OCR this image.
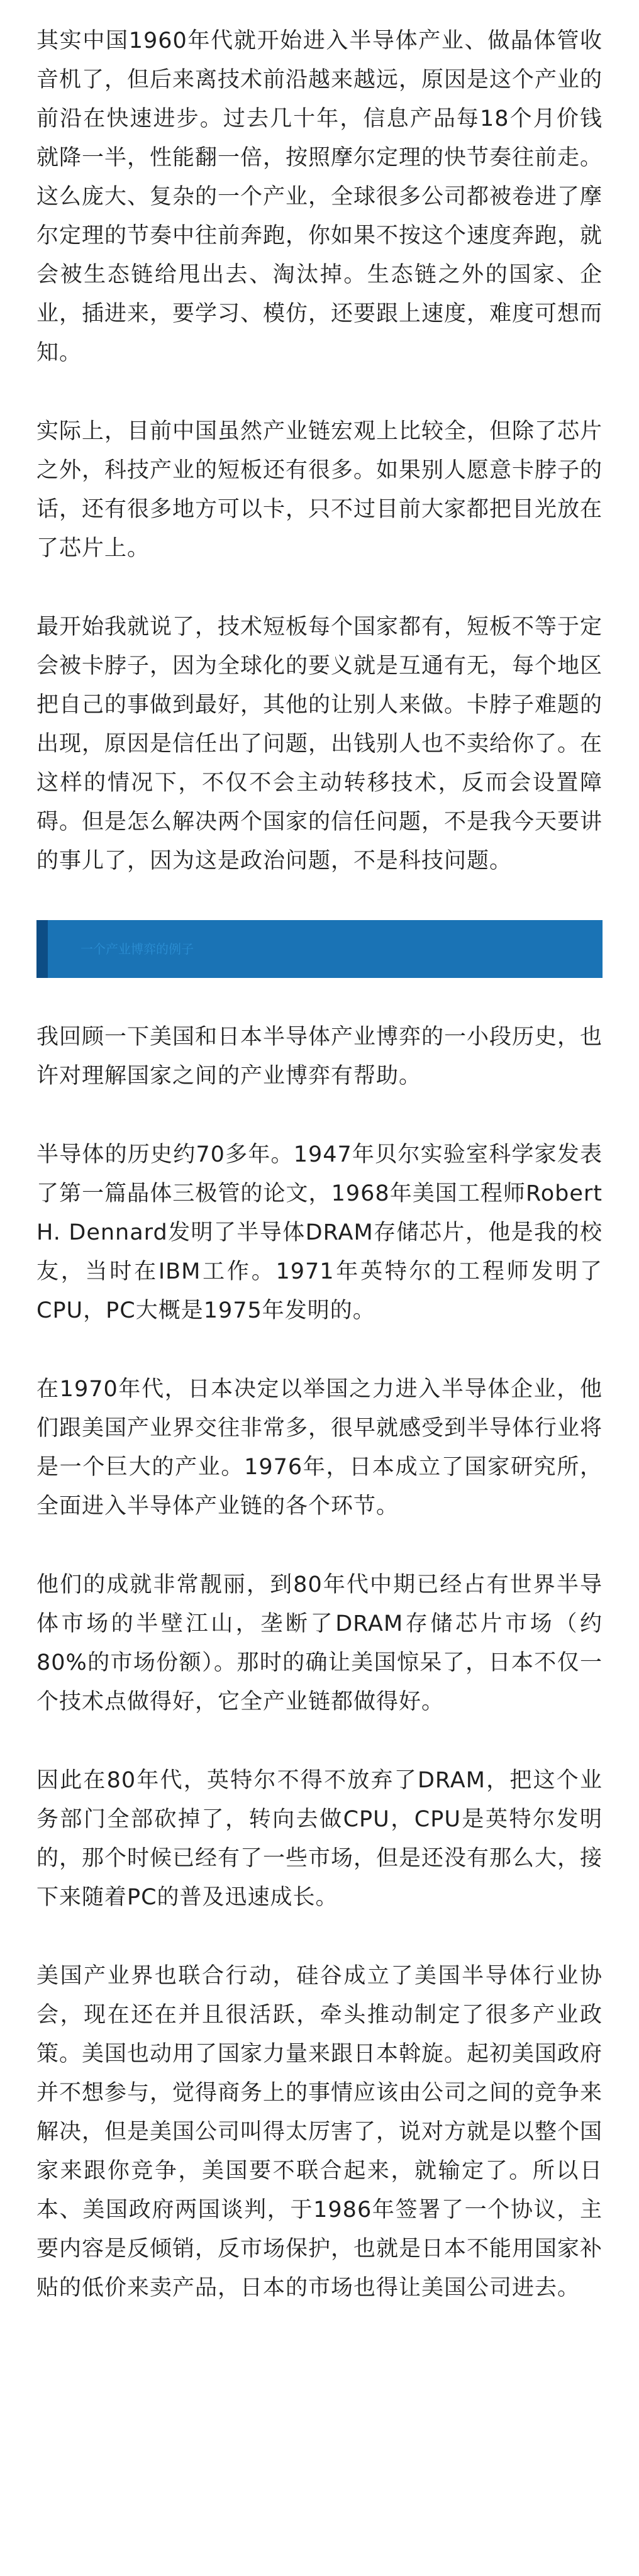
其实中国1960年代就开始进入半导体产业、做晶体管收音机了，但后来离技术前沿越来越远，原因是这个产业的前沿在快速进步。过去几十年，信息产品每18个月价钱就降一半，性能翻一倍，按照摩尔定理的快节奏往前走。这么庞大、复杂的一个产业，全球很多公司都被卷进了摩尔定理的节奏中往前奔跑，你如果不按这个速度奔跑，就会被生态链给甩出去、淘汰掉。生态链之外的国家、企业，插进来，要学习、模仿，还要跟上速度，难度可想而知。

实际上，目前中国虽然产业链宏观上比较全，但除了芯片之外，科技产业的短板还有很多。如果别人愿意卡脖子的话，还有很多地方可以卡，只不过目前大家都把目光放在了芯片上。

最开始我就说了，技术短板每个国家都有，短板不等于定会被卡脖子，因为全球化的要义就是互通有无，每个地区把自己的事做到最好，其他的让别人来做。卡脖子难题的出现，原因是信任出了问题，出钱别人也不卖给你了。在这样的情况下，不仅不会主动转移技术，反而会设置障碍。但是怎么解决两个国家的信任问题，不是我今天要讲的事儿了，因为这是政治问题，不是科技问题。

一个产业博弈的例子

我回顾一下美国和日本半导体产业博弈的一小段历史，也许对理解国家之间的产业博弈有帮助。

半导体的历史约70多年。1947年贝尔实验室科学家发表了第一篇晶体三极管的论文，1968年美国工程师Robert H. Dennard发明了半导体DRAM存储芯片，他是我的校友，当时在IBM工作。1971年英特尔的工程师发明了CPU，PC大概是1975年发明的。

在1970年代，日本决定以举国之力进入半导体企业，他们跟美国产业界交往非常多，很早就感受到半导体行业将是一个巨大的产业。1976年，日本成立了国家研究所，全面进入半导体产业链的各个环节。

他们的成就非常靓丽，到80年代中期已经占有世界半导体市场的半壁江山，垄断了DRAM存储芯片市场（约80%的市场份额）。那时的确让美国惊呆了，日本不仅一个技术点做得好，它全产业链都做得好。

因此在80年代，英特尔不得不放弃了DRAM，把这个业务部门全部砍掉了，转向去做CPU，CPU是英特尔发明的，那个时候已经有了一些市场，但是还没有那么大，接下来随着PC的普及迅速成长。

美国产业界也联合行动，硅谷成立了美国半导体行业协会，现在还在并且很活跃，牵头推动制定了很多产业政策。美国也动用了国家力量来跟日本斡旋。起初美国政府并不想参与，觉得商务上的事情应该由公司之间的竞争来解决，但是美国公司叫得太厉害了，说对方就是以整个国家来跟你竞争，美国要不联合起来，就输定了。所以日本、美国政府两国谈判，于1986年签署了一个协议，主要内容是反倾销，反市场保护，也就是日本不能用国家补贴的低价来卖产品，日本的市场也得让美国公司进去。
